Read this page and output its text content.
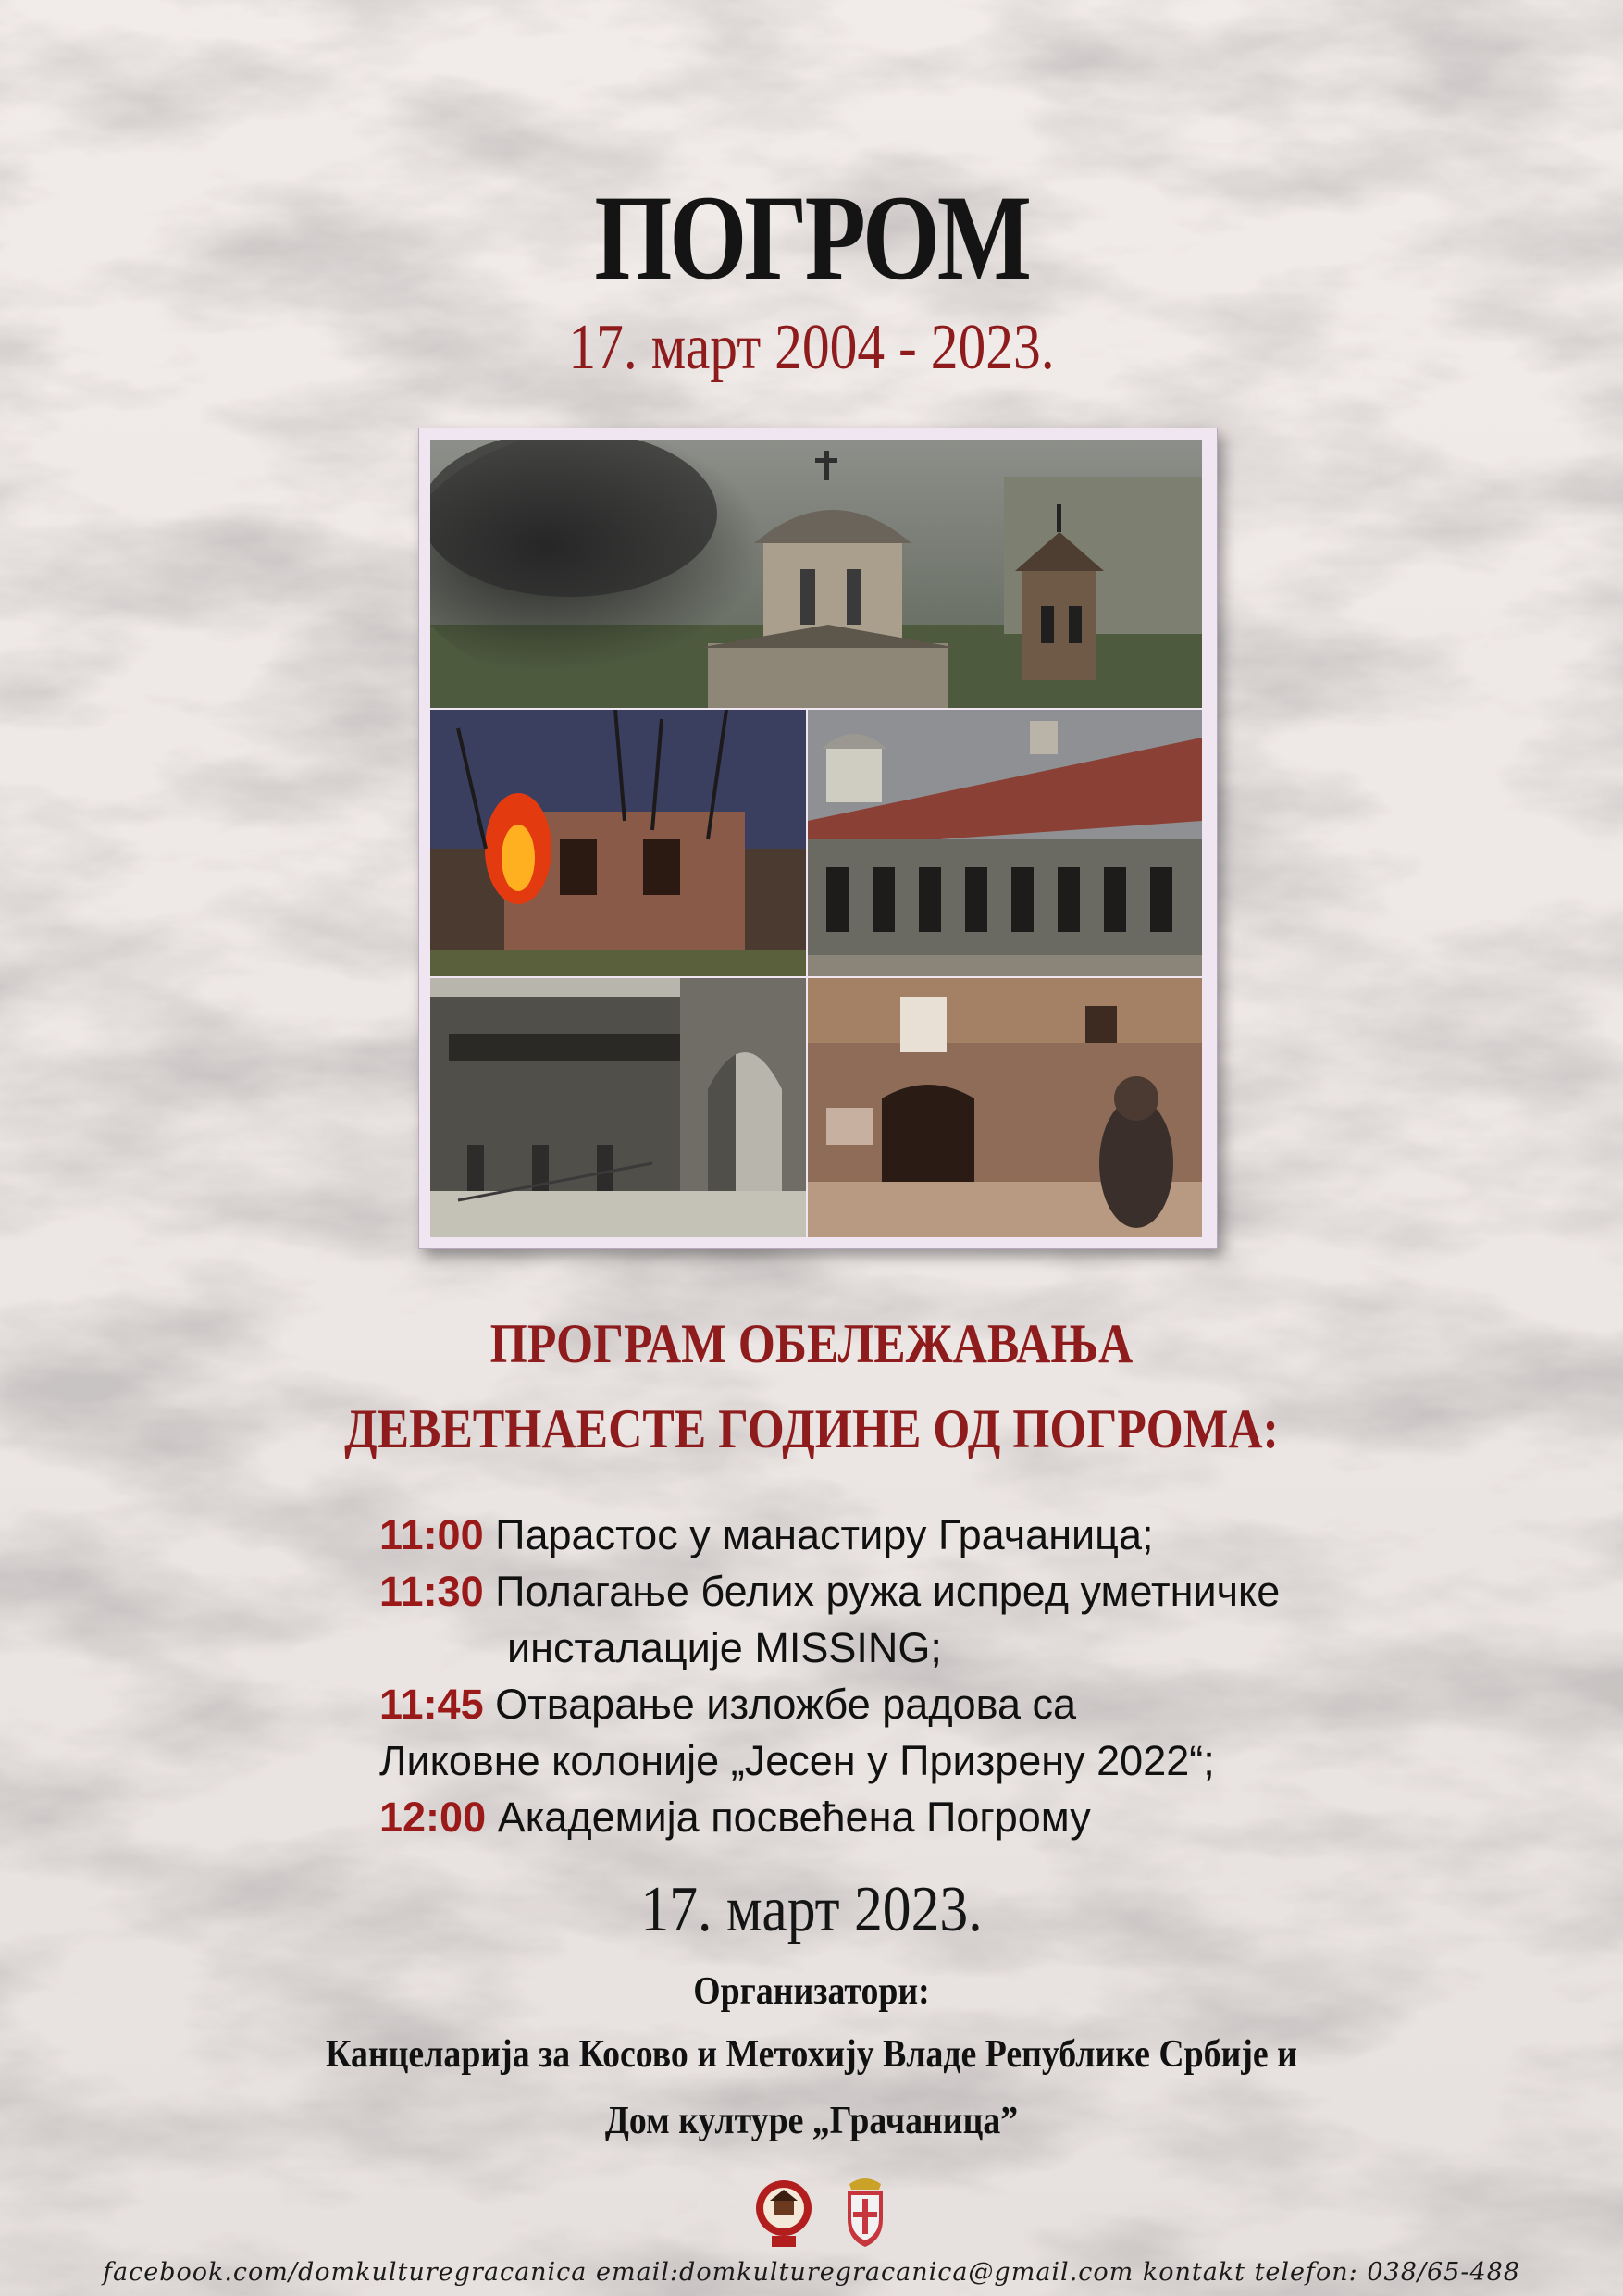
ПОГРОМ
17. март 2004 - 2023.
ПРОГРАМ ОБЕЛЕЖАВАЊА
ДЕВЕТНАЕСТЕ ГОДИНЕ ОД ПОГРОМА:
11:00 Парастос у манастиру Грачаница;
11:30 Полагање белих ружа испред уметничке
инсталације MISSING;
11:45 Отварање изложбе радова са
Ликовне колоније „Јесен у Призрену 2022“;
12:00 Академија посвећена Погрому
17. март 2023.
Организатори:
Канцеларија за Косово и Метохију Владе Републике Србије и
Дом културе „Грачаница”
facebook.com/domkulturegracanica email:domkulturegracanica@gmail.com kontakt telefon: 038/65-488
